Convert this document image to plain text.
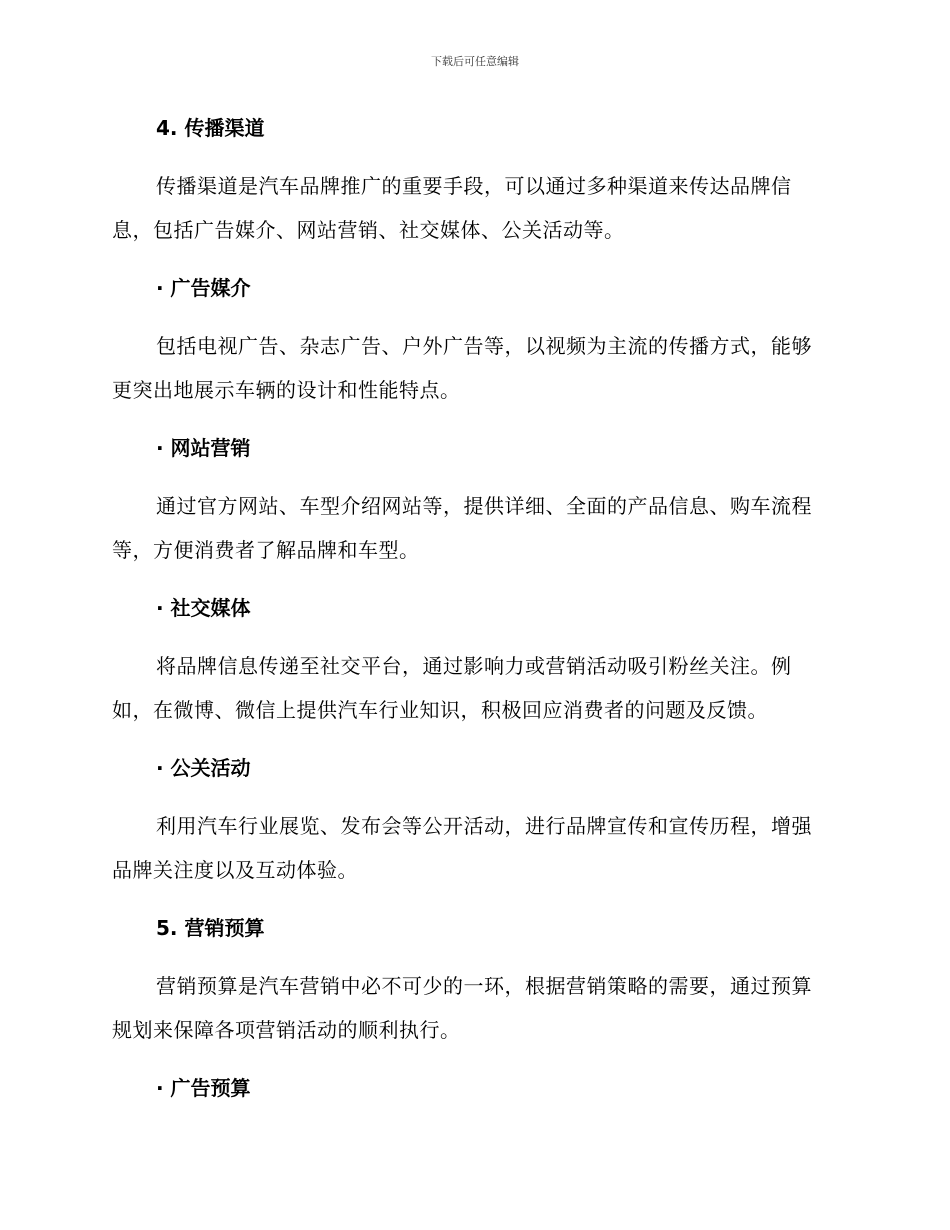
下载后可任意编辑
4. 传播渠道

传播渠道是汽车品牌推广的重要手段，可以通过多种渠道来传达品牌信息，包括广告媒介、网站营销、社交媒体、公关活动等。

· 广告媒介

包括电视广告、杂志广告、户外广告等，以视频为主流的传播方式，能够更突出地展示车辆的设计和性能特点。

· 网站营销

通过官方网站、车型介绍网站等，提供详细、全面的产品信息、购车流程等，方便消费者了解品牌和车型。

· 社交媒体

将品牌信息传递至社交平台，通过影响力或营销活动吸引粉丝关注。例如，在微博、微信上提供汽车行业知识，积极回应消费者的问题及反馈。

· 公关活动

利用汽车行业展览、发布会等公开活动，进行品牌宣传和宣传历程，增强品牌关注度以及互动体验。

5. 营销预算

营销预算是汽车营销中必不可少的一环，根据营销策略的需要，通过预算规划来保障各项营销活动的顺利执行。

· 广告预算
